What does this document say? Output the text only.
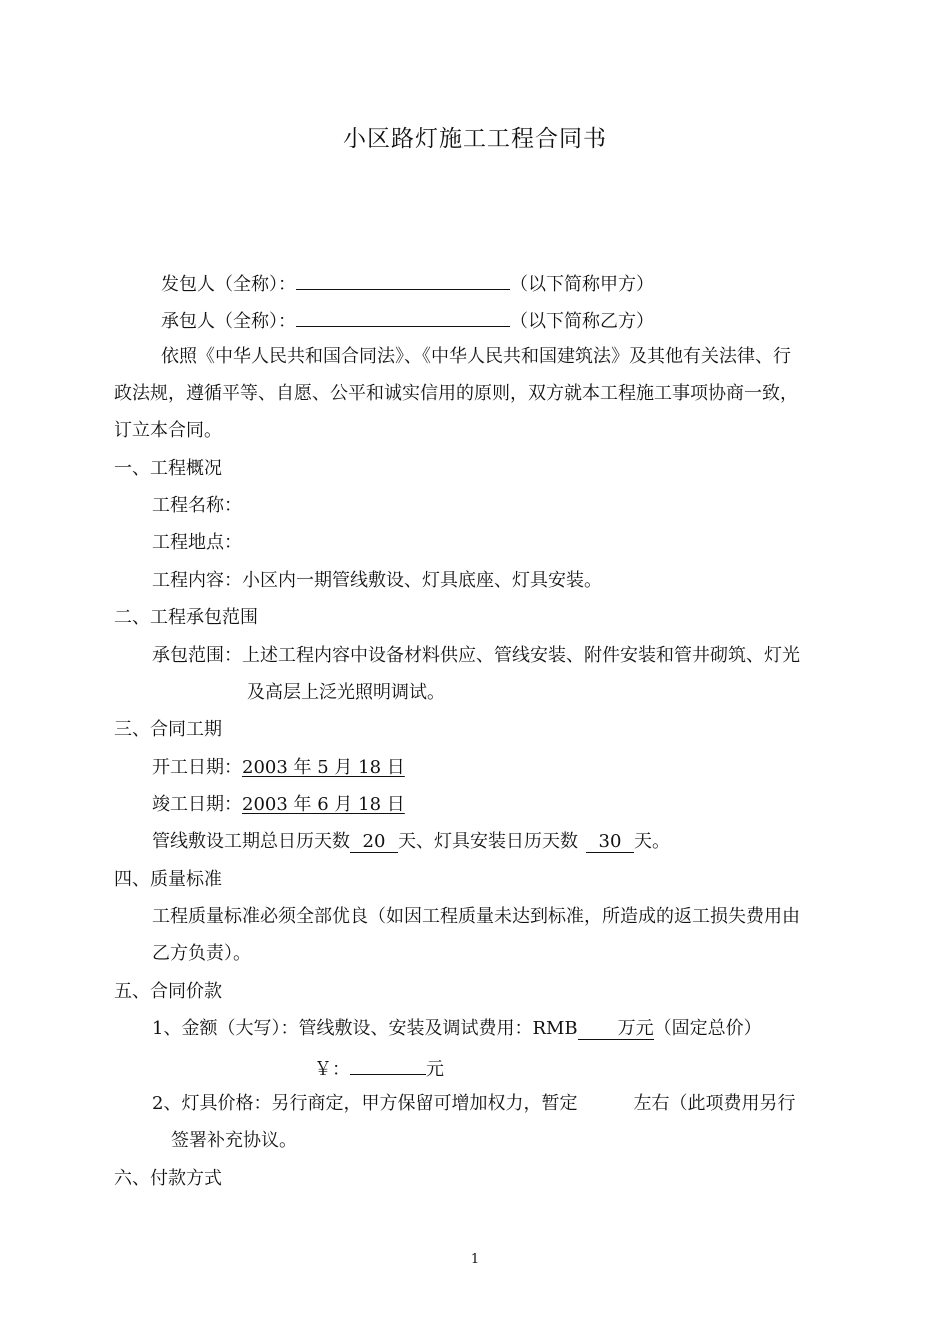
小区路灯施工工程合同书
发包人（全称）：	（以下简称甲方）
承包人（全称）：	（以下简称乙方）
依照《中华人民共和国合同法》、《中华人民共和国建筑法》及其他有关法律、行
政法规，遵循平等、自愿、公平和诚实信用的原则，双方就本工程施工事项协商一致，
订立本合同。
一、工程概况
工程名称：
工程地点：
工程内容：小区内一期管线敷设、灯具底座、灯具安装。
二、工程承包范围
承包范围：上述工程内容中设备材料供应、管线安装、附件安装和管井砌筑、灯光
及高层上泛光照明调试。
三、合同工期
开工日期：2003 年 5 月 18 日
竣工日期：2003 年 6 月 18 日
管线敷设工期总日历天数 20 天、灯具安装日历天数 30 天。
四、质量标准
工程质量标准必须全部优良（如因工程质量未达到标准，所造成的返工损失费用由
乙方负责）。
五、合同价款
1、金额（大写）：管线敷设、安装及调试费用：RMB 万元（固定总价）
￥：	元
2、灯具价格：另行商定，甲方保留可增加权力，暂定	左右（此项费用另行
签署补充协议。
六、付款方式
1
